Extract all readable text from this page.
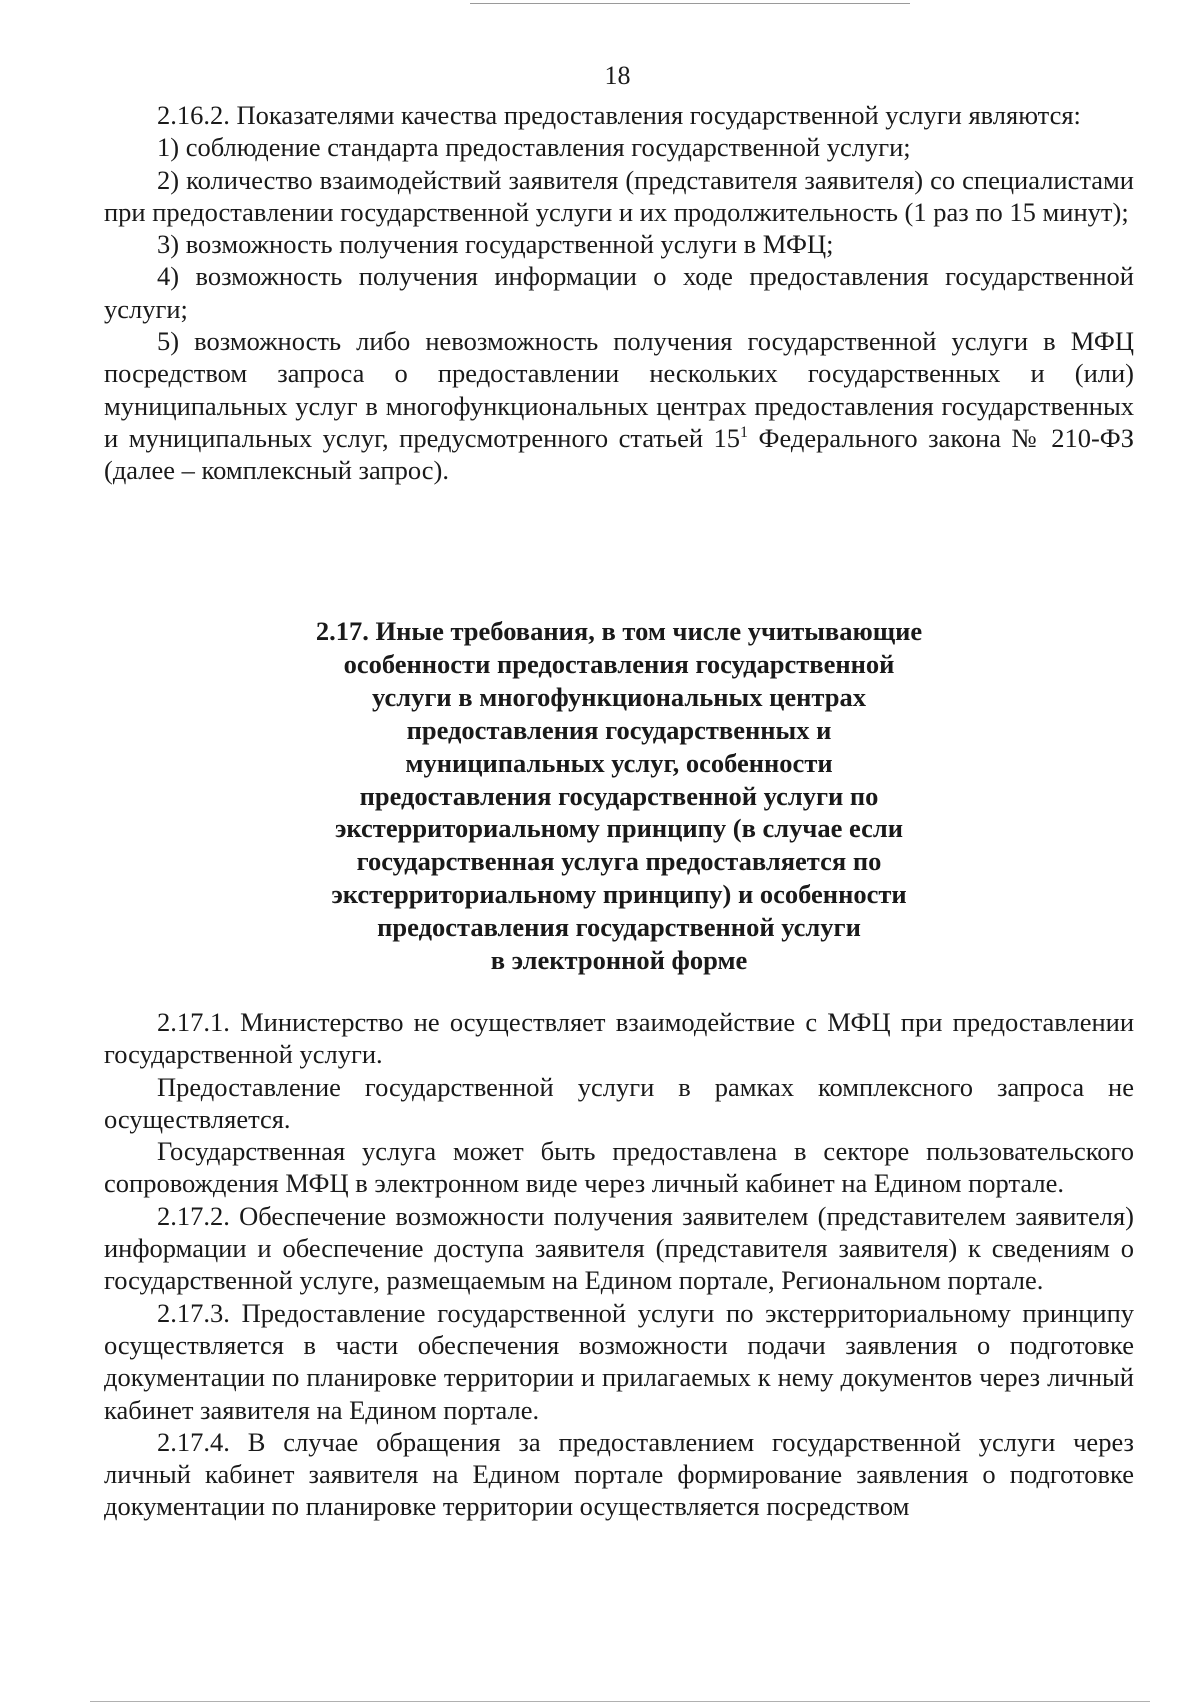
18

2.16.2. Показателями качества предоставления государственной услуги являются:

1) соблюдение стандарта предоставления государственной услуги;

2) количество взаимодействий заявителя (представителя заявителя) со специалистами при предоставлении государственной услуги и их продолжительность (1 раз по 15 минут);

3) возможность получения государственной услуги в МФЦ;

4) возможность получения информации о ходе предоставления государственной услуги;

5) возможность либо невозможность получения государственной услуги в МФЦ посредством запроса о предоставлении нескольких государственных и (или) муниципальных услуг в многофункциональных центрах предоставления государственных и муниципальных услуг, предусмотренного статьей $15^1$ Федерального закона № 210-ФЗ (далее – комплексный запрос).

2.17. Иные требования, в том числе учитывающие
особенности предоставления государственной
услуги в многофункциональных центрах
предоставления государственных и
муниципальных услуг, особенности
предоставления государственной услуги по
экстерриториальному принципу (в случае если
государственная услуга предоставляется по
экстерриториальному принципу) и особенности
предоставления государственной услуги
в электронной форме

2.17.1. Министерство не осуществляет взаимодействие с МФЦ при предоставлении государственной услуги.

Предоставление государственной услуги в рамках комплексного запроса не осуществляется.

Государственная услуга может быть предоставлена в секторе пользовательского сопровождения МФЦ в электронном виде через личный кабинет на Едином портале.

2.17.2. Обеспечение возможности получения заявителем (представителем заявителя) информации и обеспечение доступа заявителя (представителя заявителя) к сведениям о государственной услуге, размещаемым на Едином портале, Региональном портале.

2.17.3. Предоставление государственной услуги по экстерриториальному принципу осуществляется в части обеспечения возможности подачи заявления о подготовке документации по планировке территории и прилагаемых к нему документов через личный кабинет заявителя на Едином портале.

2.17.4. В случае обращения за предоставлением государственной услуги через личный кабинет заявителя на Едином портале формирование заявления о подготовке документации по планировке территории осуществляется посредством
